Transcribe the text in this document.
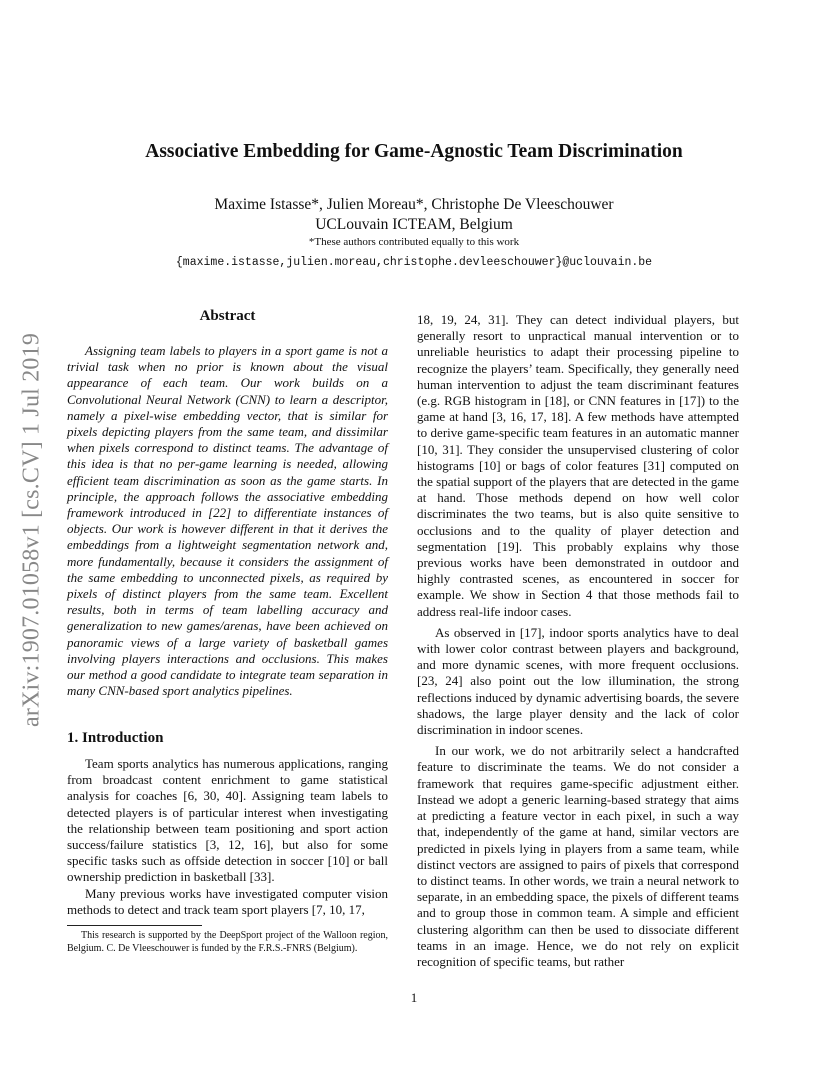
arXiv:1907.01058v1 [cs.CV] 1 Jul 2019
Associative Embedding for Game-Agnostic Team Discrimination
Maxime Istasse*, Julien Moreau*, Christophe De Vleeschouwer
UCLouvain ICTEAM, Belgium
*These authors contributed equally to this work
{maxime.istasse,julien.moreau,christophe.devleeschouwer}@uclouvain.be
Abstract
Assigning team labels to players in a sport game is not a trivial task when no prior is known about the visual appearance of each team. Our work builds on a Convolutional Neural Network (CNN) to learn a descriptor, namely a pixel-wise embedding vector, that is similar for pixels depicting players from the same team, and dissimilar when pixels correspond to distinct teams. The advantage of this idea is that no per-game learning is needed, allowing efficient team discrimination as soon as the game starts. In principle, the approach follows the associative embedding framework introduced in [22] to differentiate instances of objects. Our work is however different in that it derives the embeddings from a lightweight segmentation network and, more fundamentally, because it considers the assignment of the same embedding to unconnected pixels, as required by pixels of distinct players from the same team. Excellent results, both in terms of team labelling accuracy and generalization to new games/arenas, have been achieved on panoramic views of a large variety of basketball games involving players interactions and occlusions. This makes our method a good candidate to integrate team separation in many CNN-based sport analytics pipelines.
1. Introduction

Team sports analytics has numerous applications, ranging from broadcast content enrichment to game statistical analysis for coaches [6, 30, 40]. Assigning team labels to detected players is of particular interest when investigating the relationship between team positioning and sport action success/failure statistics [3, 12, 16], but also for some specific tasks such as offside detection in soccer [10] or ball ownership prediction in basketball [33].

Many previous works have investigated computer vision methods to detect and track team sport players [7, 10, 17,

This research is supported by the DeepSport project of the Walloon region, Belgium. C. De Vleeschouwer is funded by the F.R.S.-FNRS (Belgium).

18, 19, 24, 31]. They can detect individual players, but generally resort to unpractical manual intervention or to unreliable heuristics to adapt their processing pipeline to recognize the players’ team. Specifically, they generally need human intervention to adjust the team discriminant features (e.g. RGB histogram in [18], or CNN features in [17]) to the game at hand [3, 16, 17, 18]. A few methods have attempted to derive game-specific team features in an automatic manner [10, 31]. They consider the unsupervised clustering of color histograms [10] or bags of color features [31] computed on the spatial support of the players that are detected in the game at hand. Those methods depend on how well color discriminates the two teams, but is also quite sensitive to occlusions and to the quality of player detection and segmentation [19]. This probably explains why those previous works have been demonstrated in outdoor and highly contrasted scenes, as encountered in soccer for example. We show in Section 4 that those methods fail to address real-life indoor cases.

As observed in [17], indoor sports analytics have to deal with lower color contrast between players and background, and more dynamic scenes, with more frequent occlusions. [23, 24] also point out the low illumination, the strong reflections induced by dynamic advertising boards, the severe shadows, the large player density and the lack of color discrimination in indoor scenes.

In our work, we do not arbitrarily select a handcrafted feature to discriminate the teams. We do not consider a framework that requires game-specific adjustment either. Instead we adopt a generic learning-based strategy that aims at predicting a feature vector in each pixel, in such a way that, independently of the game at hand, similar vectors are predicted in pixels lying in players from a same team, while distinct vectors are assigned to pairs of pixels that correspond to distinct teams. In other words, we train a neural network to separate, in an embedding space, the pixels of different teams and to group those in common team. A simple and efficient clustering algorithm can then be used to dissociate different teams in an image. Hence, we do not rely on explicit recognition of specific teams, but rather

1
